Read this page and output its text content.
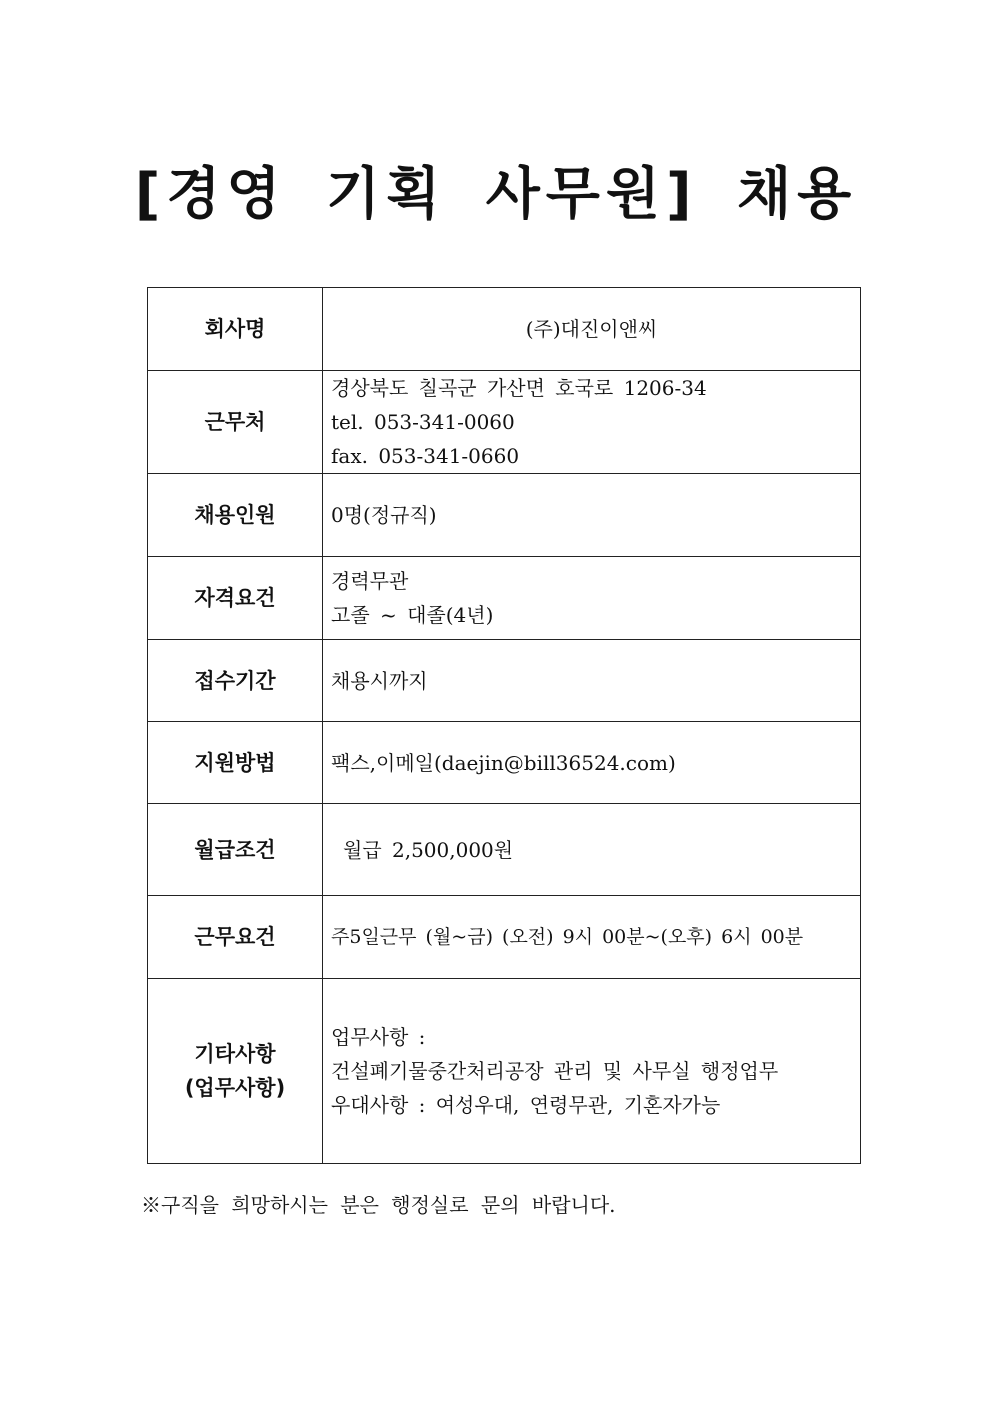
[경영 기획 사무원] 채용
회사명	(주)대진이앤씨
근무처	경상북도 칠곡군 가산면 호국로 1206-34
tel. 053-341-0060
fax. 053-341-0660

채용인원	0명(정규직)
자격요건	경력무관
고졸 ~ 대졸(4년)

접수기간	채용시까지
지원방법	팩스,이메일(daejin@bill36524.com)
월급조건	월급 2,500,000원
근무요건	주5일근무 (월~금) (오전) 9시 00분~(오후) 6시 00분

기타사항
(업무사항)	업무사항 :
건설폐기물중간처리공장 관리 및 사무실 행정업무
우대사항 : 여성우대, 연령무관, 기혼자가능
※구직을 희망하시는 분은 행정실로 문의 바랍니다.
